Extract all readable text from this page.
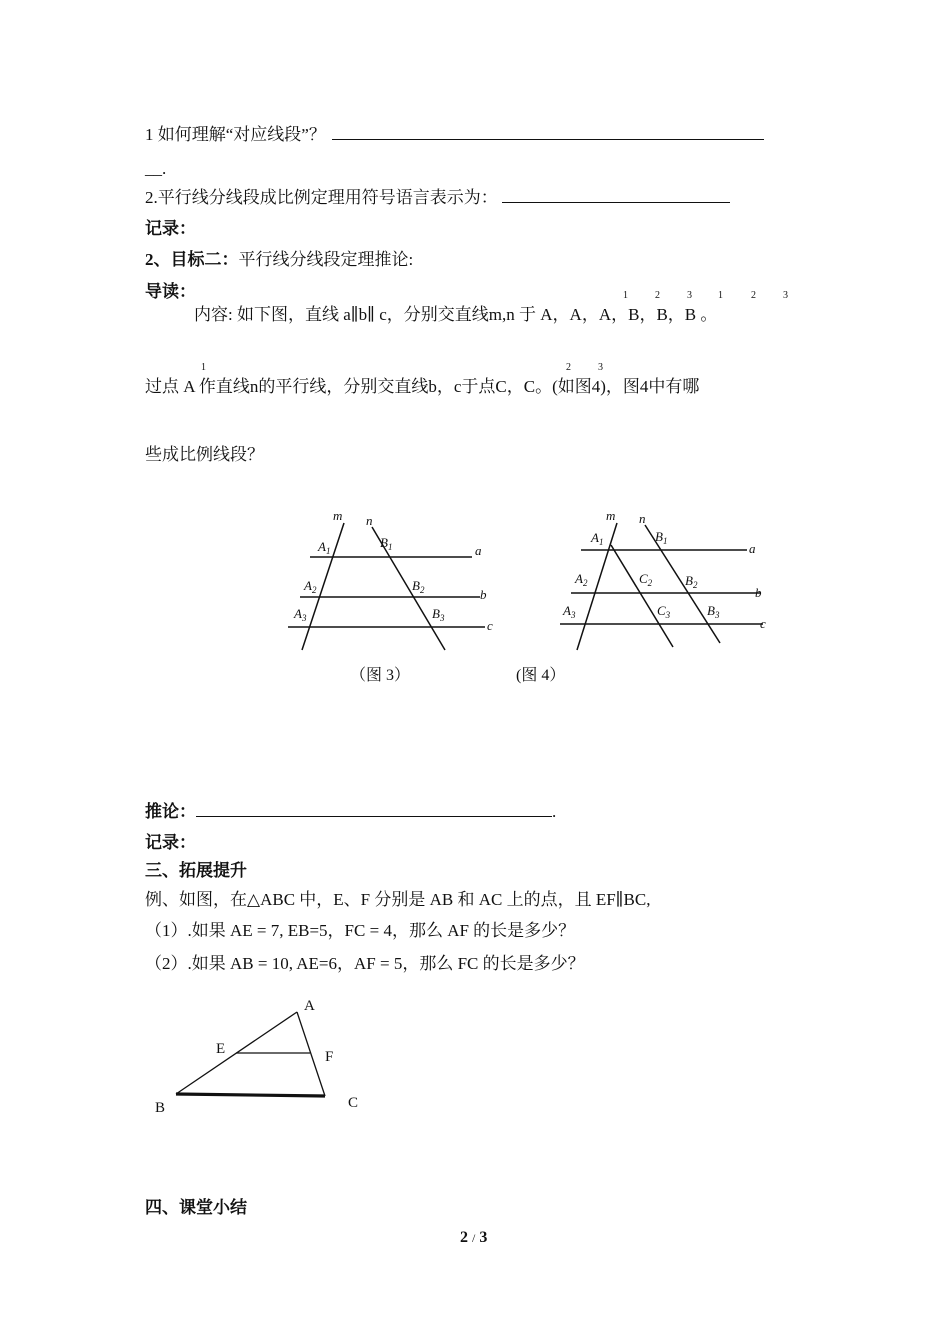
1 如何理解“对应线段”？
__.
2.平行线分线段成比例定理用符号语言表示为：
记录：
2、目标二：平行线分线段定理推论:
导读：
内容: 如下图，直线 a∥b∥ c，分别交直线m,n 于 A，A，A，B，B，B 。
1	2	3	1	2	3
过点 A 作直线n的平行线，分别交直线b，c于点C，C。(如图4)，图4中有哪
1	2	3
些成比例线段？
m n
$A_1$
$A_2$
$A_3$
$B_1$
$B_2$
$B_3$
a
b
c
m n
$A_1$
$A_2$
$A_3$
$B_1$
$B_2$
$B_3$
$C_2$
$C_3$
a
b
c
（图 3）	(图 4）
推论：	.
记录：
三、拓展提升
例、如图，在△ABC 中，E、F 分别是 AB 和 AC 上的点，且 EF∥BC,
（1）.如果 AE = 7, EB=5，FC = 4，那么 AF 的长是多少？
（2）.如果 AB = 10, AE=6，AF = 5，那么 FC 的长是多少？
A
B	C
E	F
四、课堂小结
2 / 3
